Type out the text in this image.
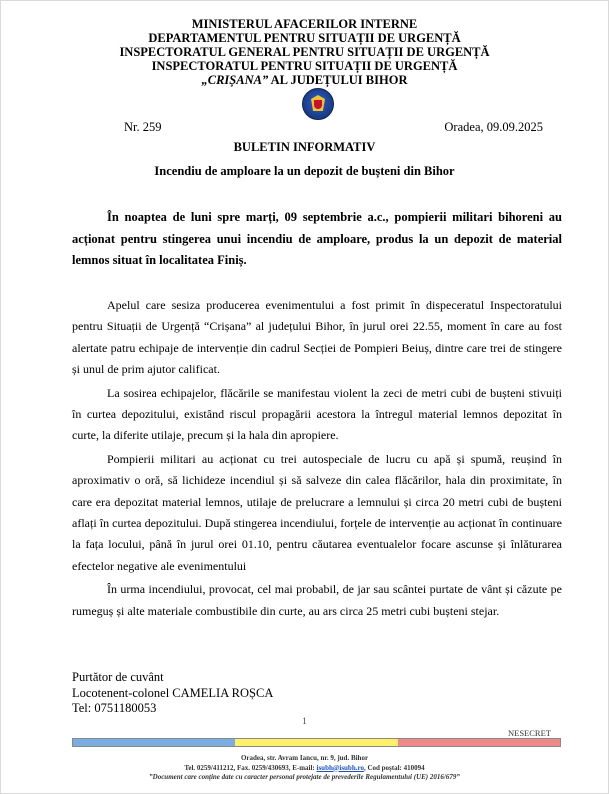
MINISTERUL AFACERILOR INTERNE
DEPARTAMENTUL PENTRU SITUAȚII DE URGENȚĂ
INSPECTORATUL GENERAL PENTRU SITUAȚII DE URGENȚĂ
INSPECTORATUL PENTRU SITUAȚII DE URGENȚĂ
„CRIȘANA” AL JUDEȚULUI BIHOR
Nr. 259	Oradea, 09.09.2025
BULETIN INFORMATIV
Incendiu de amploare la un depozit de bușteni din Bihor
În noaptea de luni spre marți, 09 septembrie a.c., pompierii militari bihoreni au acționat pentru stingerea unui incendiu de amploare, produs la un depozit de material lemnos situat în localitatea Finiș.

Apelul care sesiza producerea evenimentului a fost primit în dispeceratul Inspectoratului pentru Situații de Urgență “Crișana” al județului Bihor, în jurul orei 22.55, moment în care au fost alertate patru echipaje de intervenție din cadrul Secției de Pompieri Beiuș, dintre care trei de stingere și unul de prim ajutor calificat.

La sosirea echipajelor, flăcările se manifestau violent la zeci de metri cubi de bușteni stivuiți în curtea depozitului, existând riscul propagării acestora la întregul material lemnos depozitat în curte, la diferite utilaje, precum și la hala din apropiere.

Pompierii militari au acționat cu trei autospeciale de lucru cu apă și spumă, reușind în aproximativ o oră, să lichideze incendiul și să salveze din calea flăcărilor, hala din proximitate, în care era depozitat material lemnos, utilaje de prelucrare a lemnului și circa 20 metri cubi de bușteni aflați în curtea depozitului. După stingerea incendiului, forțele de intervenție au acționat în continuare la fața locului, până în jurul orei 01.10, pentru căutarea eventualelor focare ascunse și înlăturarea efectelor negative ale evenimentului

În urma incendiului, provocat, cel mai probabil, de jar sau scântei purtate de vânt și căzute pe rumeguș și alte materiale combustibile din curte, au ars circa 25 metri cubi bușteni stejar.

Purtător de cuvânt
Locotenent-colonel CAMELIA ROȘCA
Tel: 0751180053
1
NESECRET
Oradea, str. Avram Iancu, nr. 9, jud. Bihor
Tel. 0259/411212, Fax. 0259/430693, E-mail: isubh@isubh.ro, Cod poștal: 410094
”Document care conține date cu caracter personal protejate de prevederile Regulamentului (UE) 2016/679”
